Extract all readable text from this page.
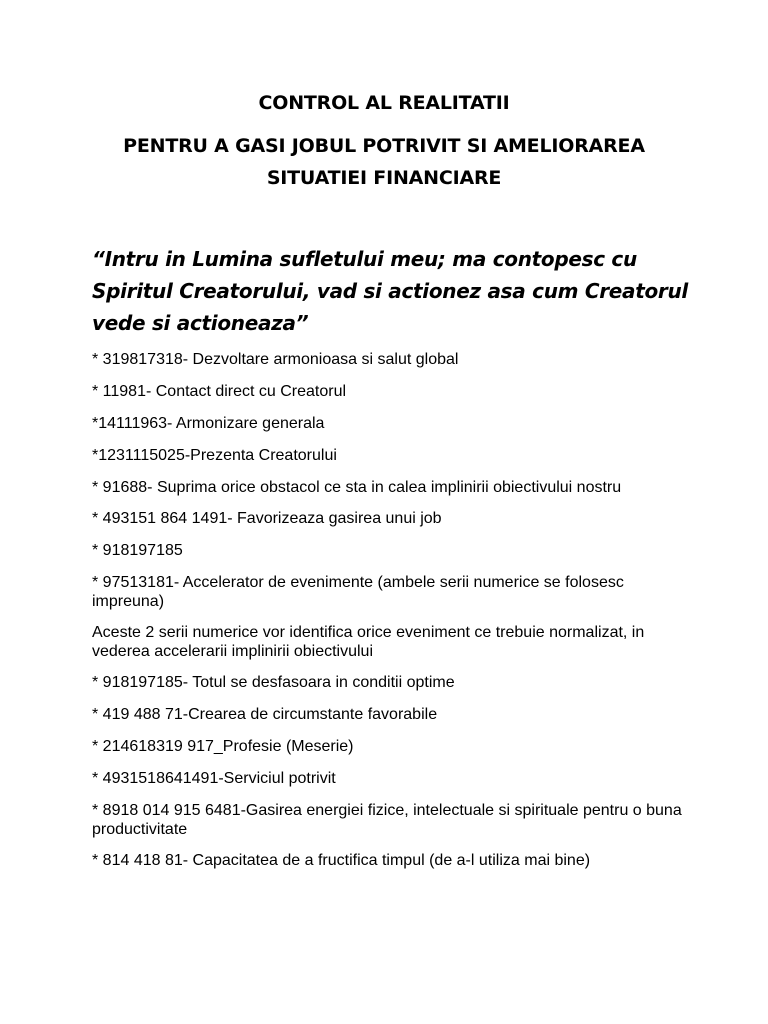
CONTROL AL REALITATII
PENTRU A GASI JOBUL POTRIVIT SI AMELIORAREA
SITUATIEI FINANCIARE
“Intru in Lumina sufletului meu; ma contopesc cu Spiritul Creatorului, vad si actionez asa cum Creatorul vede si actioneaza”
* 319817318- Dezvoltare armonioasa si salut global
* 11981- Contact direct cu Creatorul
*14111963- Armonizare generala
*1231115025-Prezenta Creatorului
* 91688- Suprima orice obstacol ce sta in calea implinirii obiectivului nostru
* 493151 864 1491- Favorizeaza gasirea unui job
* 918197185
* 97513181- Accelerator de evenimente (ambele serii numerice se folosesc impreuna)
Aceste 2 serii numerice vor identifica orice eveniment ce trebuie normalizat, in vederea accelerarii implinirii obiectivului
* 918197185- Totul se desfasoara in conditii optime
* 419 488 71-Crearea de circumstante favorabile
* 214618319 917_Profesie (Meserie)
* 4931518641491-Serviciul potrivit
* 8918 014 915 6481-Gasirea energiei fizice, intelectuale si spirituale pentru o buna productivitate
* 814 418 81- Capacitatea de a fructifica timpul (de a-l utiliza mai bine)
